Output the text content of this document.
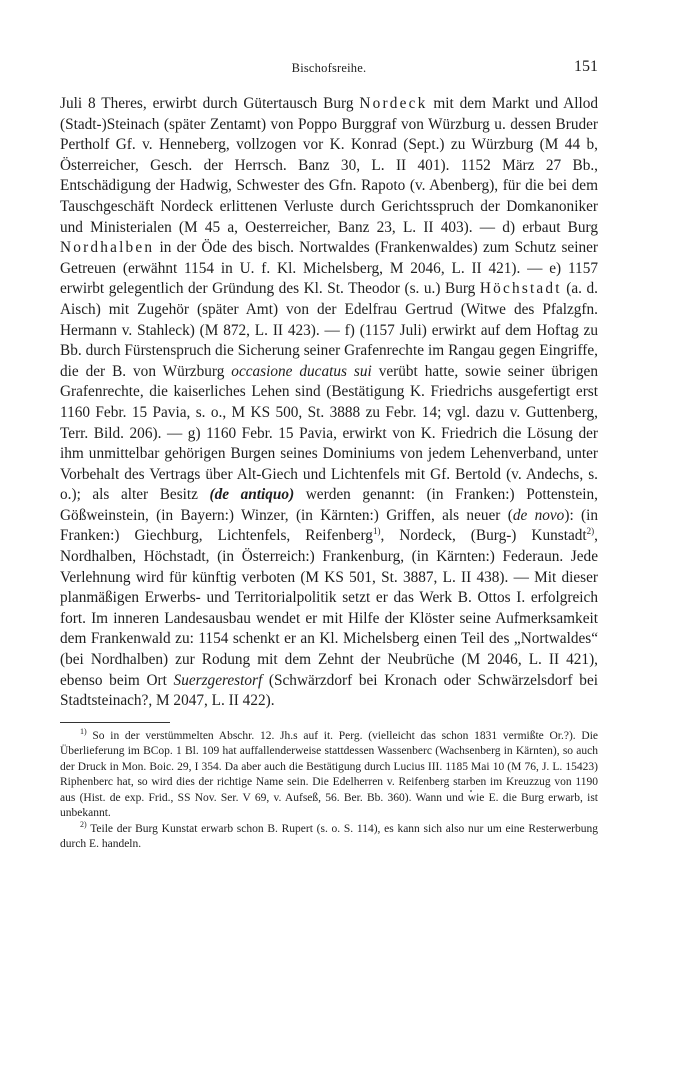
Bischofsreihe.	151

Juli 8 Theres, erwirbt durch Gütertausch Burg Nordeck mit dem Markt und Allod (Stadt-)Steinach (später Zentamt) von Poppo Burggraf von Würzburg u. dessen Bruder Pertholf Gf. v. Henneberg, vollzogen vor K. Konrad (Sept.) zu Würzburg (M 44 b, Österreicher, Gesch. der Herrsch. Banz 30, L. II 401). 1152 März 27 Bb., Entschädigung der Hadwig, Schwester des Gfn. Rapoto (v. Abenberg), für die bei dem Tauschgeschäft Nordeck erlittenen Verluste durch Gerichtsspruch der Domkanoniker und Ministerialen (M 45 a, Oesterreicher, Banz 23, L. II 403). — d) erbaut Burg Nordhalben in der Öde des bisch. Nortwaldes (Frankenwaldes) zum Schutz seiner Getreuen (erwähnt 1154 in U. f. Kl. Michelsberg, M 2046, L. II 421). — e) 1157 erwirbt gelegentlich der Gründung des Kl. St. Theodor (s. u.) Burg Höchstadt (a. d. Aisch) mit Zugehör (später Amt) von der Edelfrau Gertrud (Witwe des Pfalzgfn. Hermann v. Stahleck) (M 872, L. II 423). — f) (1157 Juli) erwirkt auf dem Hoftag zu Bb. durch Fürstenspruch die Sicherung seiner Grafenrechte im Rangau gegen Eingriffe, die der B. von Würzburg occasione ducatus sui verübt hatte, sowie seiner übrigen Grafenrechte, die kaiserliches Lehen sind (Bestätigung K. Friedrichs ausgefertigt erst 1160 Febr. 15 Pavia, s. o., M KS 500, St. 3888 zu Febr. 14; vgl. dazu v. Guttenberg, Terr. Bild. 206). — g) 1160 Febr. 15 Pavia, erwirkt von K. Friedrich die Lösung der ihm unmittelbar gehörigen Burgen seines Dominiums von jedem Lehenverband, unter Vorbehalt des Vertrags über Alt-Giech und Lichtenfels mit Gf. Bertold (v. Andechs, s. o.); als alter Besitz (de antiquo) werden genannt: (in Franken:) Pottenstein, Gößweinstein, (in Bayern:) Winzer, (in Kärnten:) Griffen, als neuer (de novo): (in Franken:) Giechburg, Lichtenfels, Reifenberg$^{1)}$, Nordeck, (Burg-) Kunstadt$^{2)}$, Nordhalben, Höchstadt, (in Österreich:) Frankenburg, (in Kärnten:) Federaun. Jede Verlehnung wird für künftig verboten (M KS 501, St. 3887, L. II 438). — Mit dieser planmäßigen Erwerbs- und Territorialpolitik setzt er das Werk B. Ottos I. erfolgreich fort. Im inneren Landesausbau wendet er mit Hilfe der Klöster seine Aufmerksamkeit dem Frankenwald zu: 1154 schenkt er an Kl. Michelsberg einen Teil des „Nortwaldes“ (bei Nordhalben) zur Rodung mit dem Zehnt der Neubrüche (M 2046, L. II 421), ebenso beim Ort Suerzgerestorf (Schwärzdorf bei Kronach oder Schwärzelsdorf bei Stadtsteinach?, M 2047, L. II 422).

$^{1)}$ So in der verstümmelten Abschr. 12. Jh.s auf it. Perg. (vielleicht das schon 1831 vermißte Or.?). Die Überlieferung im BCop. 1 Bl. 109 hat auffallenderweise stattdessen Wassenberc (Wachsenberg in Kärnten), so auch der Druck in Mon. Boic. 29, I 354. Da aber auch die Bestätigung durch Lucius III. 1185 Mai 10 (M 76, J. L. 15423) Riphenberc hat, so wird dies der richtige Name sein. Die Edelherren v. Reifenberg starben im Kreuzzug von 1190 aus (Hist. de exp. Frid., SS Nov. Ser. V 69, v. Aufseß, 56. Ber. Bb. 360). Wann und wie E. die Burg erwarb, ist unbekannt.

$^{2)}$ Teile der Burg Kunstat erwarb schon B. Rupert (s. o. S. 114), es kann sich also nur um eine Resterwerbung durch E. handeln.
